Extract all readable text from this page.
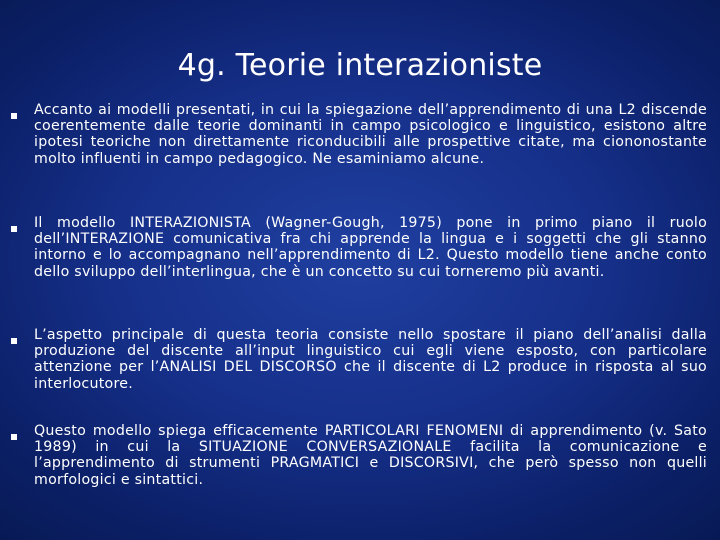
4g. Teorie interazioniste
Accanto ai modelli presentati, in cui la spiegazione dell’apprendimento di una L2 discende coerentemente dalle teorie dominanti in campo psicologico e linguistico, esistono altre ipotesi teoriche non direttamente riconducibili alle prospettive citate, ma ciononostante molto influenti in campo pedagogico. Ne esaminiamo alcune.
Il modello INTERAZIONISTA (Wagner-Gough, 1975) pone in primo piano il ruolo dell’INTERAZIONE comunicativa fra chi apprende la lingua e i soggetti che gli stanno intorno e lo accompagnano nell’apprendimento di L2. Questo modello tiene anche conto dello sviluppo dell’interlingua, che è un concetto su cui torneremo più avanti.
L’aspetto principale di questa teoria consiste nello spostare il piano dell’analisi dalla produzione del discente all’input linguistico cui egli viene esposto, con particolare attenzione per l’ANALISI DEL DISCORSO che il discente di L2 produce in risposta al suo interlocutore.
Questo modello spiega efficacemente PARTICOLARI FENOMENI di apprendimento (v. Sato 1989) in cui la SITUAZIONE CONVERSAZIONALE facilita la comunicazione e l’apprendimento di strumenti PRAGMATICI e DISCORSIVI, che però spesso non quelli morfologici e sintattici.
